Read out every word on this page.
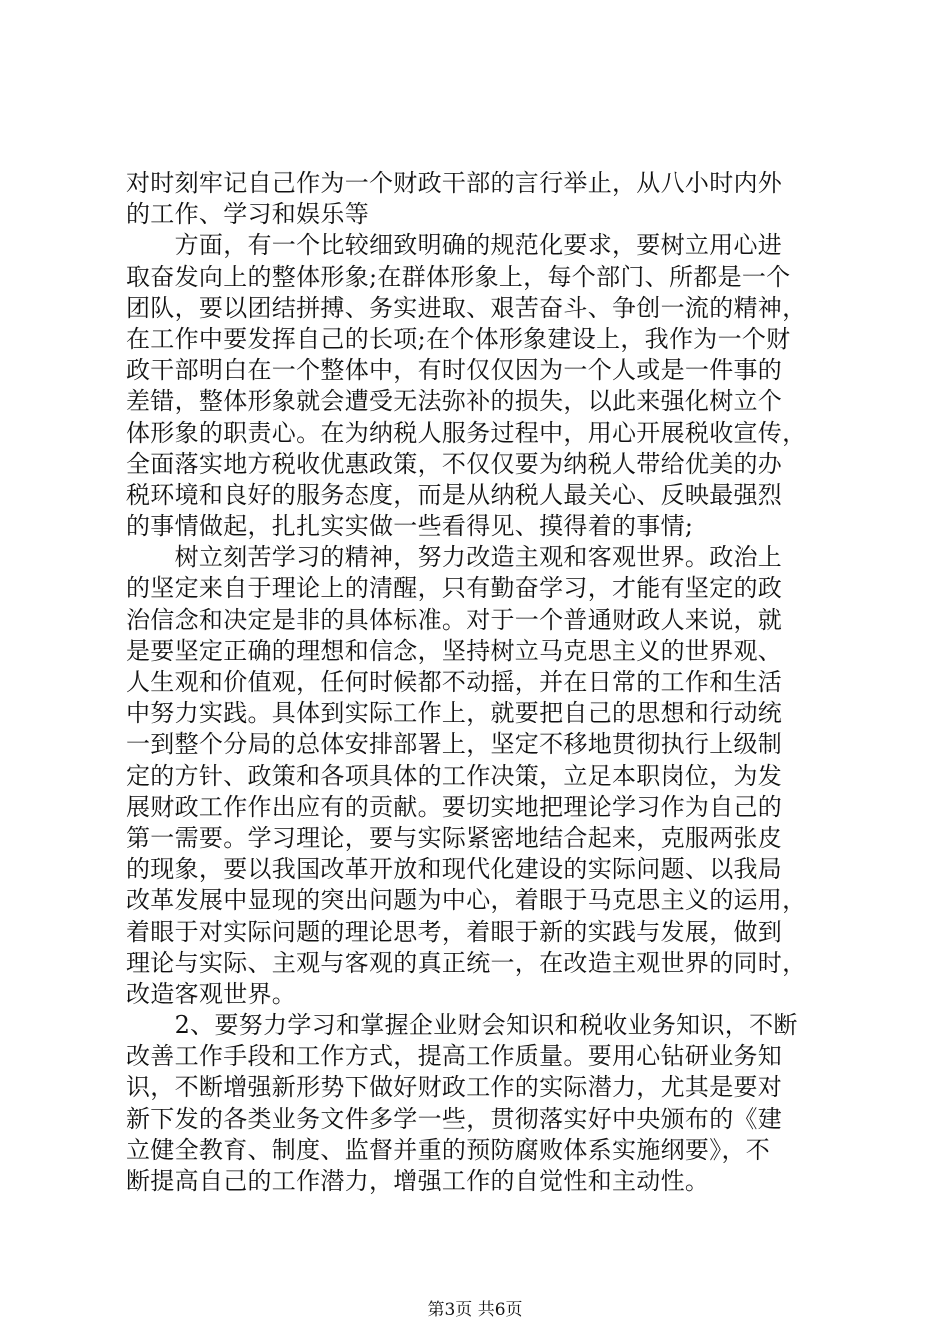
对时刻牢记自己作为一个财政干部的言行举止，从八小时内外
的工作、学习和娱乐等
　　方面，有一个比较细致明确的规范化要求，要树立用心进
取奋发向上的整体形象;在群体形象上，每个部门、所都是一个
团队，要以团结拼搏、务实进取、艰苦奋斗、争创一流的精神，
在工作中要发挥自己的长项;在个体形象建设上，我作为一个财
政干部明白在一个整体中，有时仅仅因为一个人或是一件事的
差错，整体形象就会遭受无法弥补的损失，以此来强化树立个
体形象的职责心。在为纳税人服务过程中，用心开展税收宣传，
全面落实地方税收优惠政策，不仅仅要为纳税人带给优美的办
税环境和良好的服务态度，而是从纳税人最关心、反映最强烈
的事情做起，扎扎实实做一些看得见、摸得着的事情;
　　树立刻苦学习的精神，努力改造主观和客观世界。政治上
的坚定来自于理论上的清醒，只有勤奋学习，才能有坚定的政
治信念和决定是非的具体标准。对于一个普通财政人来说，就
是要坚定正确的理想和信念，坚持树立马克思主义的世界观、
人生观和价值观，任何时候都不动摇，并在日常的工作和生活
中努力实践。具体到实际工作上，就要把自己的思想和行动统
一到整个分局的总体安排部署上，坚定不移地贯彻执行上级制
定的方针、政策和各项具体的工作决策，立足本职岗位，为发
展财政工作作出应有的贡献。要切实地把理论学习作为自己的
第一需要。学习理论，要与实际紧密地结合起来，克服两张皮
的现象，要以我国改革开放和现代化建设的实际问题、以我局
改革发展中显现的突出问题为中心，着眼于马克思主义的运用，
着眼于对实际问题的理论思考，着眼于新的实践与发展，做到
理论与实际、主观与客观的真正统一，在改造主观世界的同时，
改造客观世界。
　　2、要努力学习和掌握企业财会知识和税收业务知识，不断
改善工作手段和工作方式，提高工作质量。要用心钻研业务知
识，不断增强新形势下做好财政工作的实际潜力，尤其是要对
新下发的各类业务文件多学一些，贯彻落实好中央颁布的《建
立健全教育、制度、监督并重的预防腐败体系实施纲要》，不
断提高自己的工作潜力，增强工作的自觉性和主动性。
第3页 共6页
